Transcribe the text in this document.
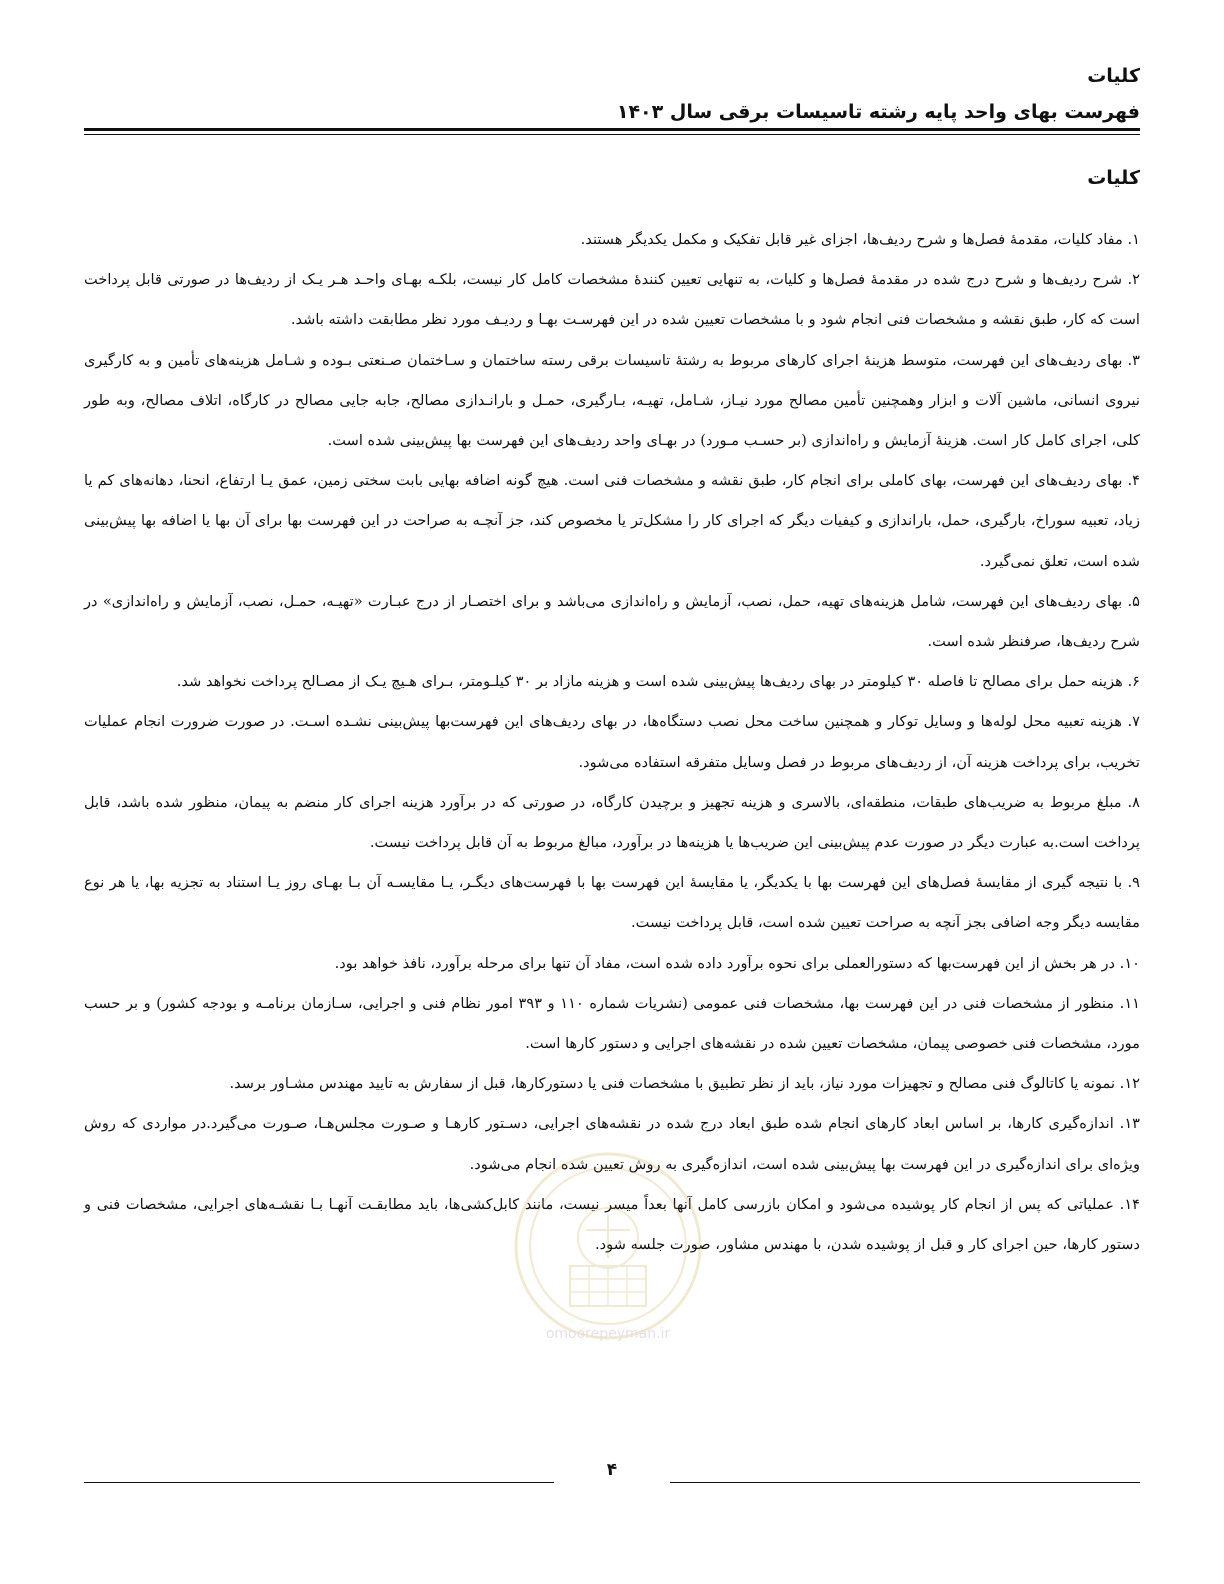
کلیات
فهرست بهای واحد پایه رشته تاسیسات برقی سال ۱۴۰۳
کلیات

۱. مفاد کلیات، مقدمهٔ فصل‌ها و شرح ردیف‌ها، اجزای غیر قابل تفکیک و مکمل یکدیگر هستند.

۲. شرح ردیف‌ها و شرح درج شده در مقدمهٔ فصل‌ها و کلیات، به تنهایی تعیین کنندهٔ مشخصات کامل کار نیست، بلکـه بهـای واحـد هـر یـک از ردیف‌ها در صورتی قابل پرداخت است که کار، طبق نقشه و مشخصات فنی انجام شود و با مشخصات تعیین شده در این فهرسـت بهـا و ردیـف مورد نظر مطابقت داشته باشد.

۳. بهای ردیف‌های این فهرست، متوسط هزینهٔ اجرای کارهای مربوط به رشتهٔ تاسیسات برقی رسته ساختمان و سـاختمان صـنعتی بـوده و شـامل هزینه‌های تأمین و به کارگیری نیروی انسانی، ماشین آلات و ابزار وهمچنین تأمین مصالح مورد نیـاز، شـامل، تهیـه، بـارگیری، حمـل و بارانـدازی مصالح، جابه جایی مصالح در کارگاه، اتلاف مصالح، وبه طور کلی، اجرای کامل کار است. هزینهٔ آزمایش و راه‌اندازی (بر حسـب مـورد) در بهـای واحد ردیف‌های این فهرست بها پیش‌بینی شده است.

۴. بهای ردیف‌های این فهرست، بهای کاملی برای انجام کار، طبق نقشه و مشخصات فنی است. هیچ گونه اضافه بهایی بابت سختی زمین، عمق یـا ارتفاع، انحنا، دهانه‌های کم یا زیاد، تعبیه سوراخ، بارگیری، حمل، باراندازی و کیفیات دیگر که اجرای کار را مشکل‌تر یا مخصوص کند، جز آنچـه به صراحت در این فهرست بها برای آن بها یا اضافه بها پیش‌بینی شده است، تعلق نمی‌گیرد.

۵. بهای ردیف‌های این فهرست، شامل هزینه‌های تهیه، حمل، نصب، آزمایش و راه‌اندازی می‌باشد و برای اختصـار از درج عبـارت «تهیـه، حمـل، نصب، آزمایش و راه‌اندازی» در شرح ردیف‌ها، صرفنظر شده است.

۶. هزینه حمل برای مصالح تا فاصله ۳۰ کیلومتر در بهای ردیف‌ها پیش‌بینی شده است و هزینه مازاد بر ۳۰ کیلـومتر، بـرای هـیچ یـک از مصـالح پرداخت نخواهد شد.

۷. هزینه تعبیه محل لوله‌ها و وسایل توکار و همچنین ساخت محل نصب دستگاه‌ها، در بهای ردیف‌های این فهرست‌بها پیش‌بینی نشـده اسـت. در صورت ضرورت انجام عملیات تخریب، برای پرداخت هزینه آن، از ردیف‌های مربوط در فصل وسایل متفرقه استفاده می‌شود.

۸. مبلغ مربوط به ضریب‌های طبقات، منطقه‌ای، بالاسری و هزینه تجهیز و برچیدن کارگاه، در صورتی که در برآورد هزینه اجرای کار منضم به پیمان، منظور شده باشد، قابل پرداخت است.به عبارت دیگر در صورت عدم پیش‌بینی این ضریب‌ها یا هزینه‌ها در برآورد، مبالغ مربوط به آن قابل پرداخت نیست.

۹. با نتیجه گیری از مقایسهٔ فصل‌های این فهرست بها با یکدیگر، یا مقایسهٔ این فهرست بها با فهرست‌های دیگـر، یـا مقایسـه آن بـا بهـای روز یـا استناد به تجزیه بها، یا هر نوع مقایسه دیگر وجه اضافی بجز آنچه به صراحت تعیین شده است، قابل پرداخت نیست.

۱۰. در هر بخش از این فهرست‌بها که دستورالعملی برای نحوه برآورد داده شده است، مفاد آن تنها برای مرحله برآورد، نافذ خواهد بود.

۱۱. منظور از مشخصات فنی در این فهرست بها، مشخصات فنی عمومی (نشریات شماره ۱۱۰ و ۳۹۳ امور نظام فنی و اجرایی، سـازمان برنامـه و بودجه کشور) و بر حسب مورد، مشخصات فنی خصوصی پیمان، مشخصات تعیین شده در نقشه‌های اجرایی و دستور کارها است.

۱۲. نمونه یا کاتالوگ فنی مصالح و تجهیزات مورد نیاز، باید از نظر تطبیق با مشخصات فنی یا دستورکارها، قبل از سفارش به تایید مهندس مشـاور برسد.

۱۳. اندازه‌گیری کارها، بر اساس ابعاد کارهای انجام شده طبق ابعاد درج شده در نقشه‌های اجرایی، دسـتور کارهـا و صـورت مجلس‌هـا، صـورت می‌گیرد.در مواردی که روش ویژه‌ای برای اندازه‌گیری در این فهرست بها پیش‌بینی شده است، اندازه‌گیری به روش تعیین شده انجام می‌شود.

۱۴. عملیاتی که پس از انجام کار پوشیده می‌شود و امکان بازرسی کامل آنها بعداً میسر نیست، مانند کابل‌کشی‌ها، باید مطابقـت آنهـا بـا نقشـه‌های اجرایی، مشخصات فنی و دستور کارها، حین اجرای کار و قبل از پوشیده شدن، با مهندس مشاور، صورت جلسه شود.

۴
omoorepeyman.ir
